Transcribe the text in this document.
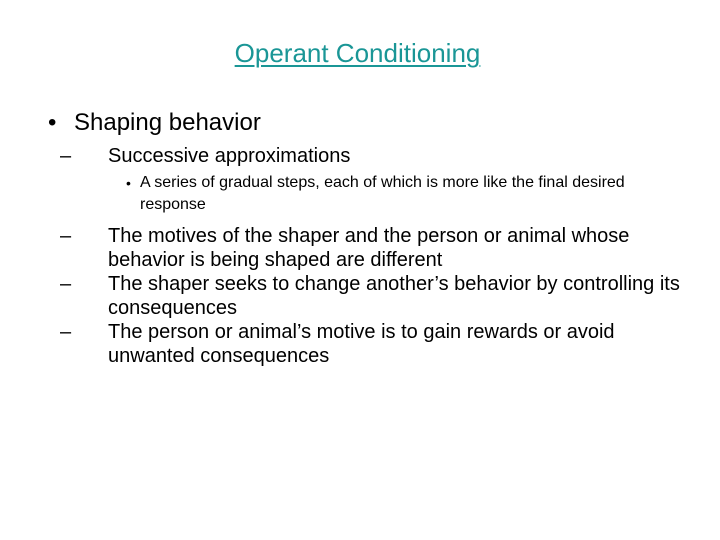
Operant Conditioning
• Shaping behavior
– Successive approximations
• A series of gradual steps, each of which is more like the final desired response
– The motives of the shaper and the person or animal whose behavior is being shaped are different
– The shaper seeks to change another’s behavior by controlling its consequences
– The person or animal’s motive is to gain rewards or avoid unwanted consequences
